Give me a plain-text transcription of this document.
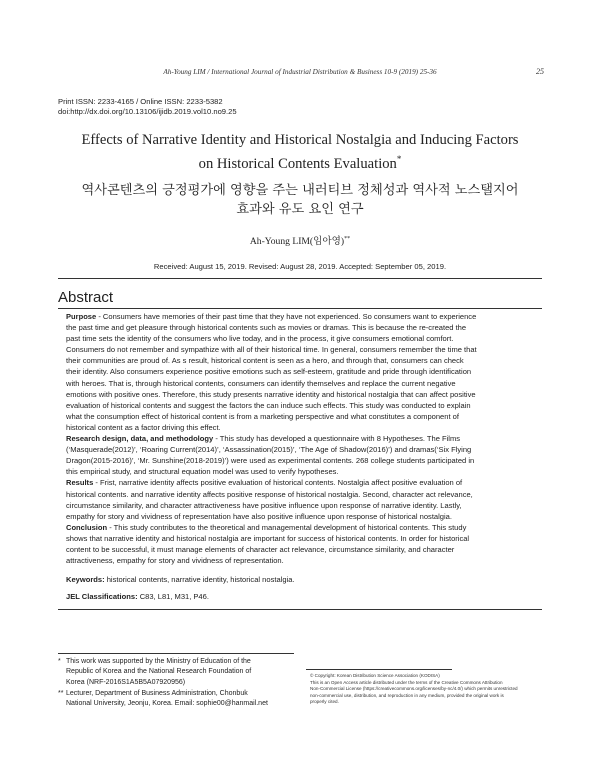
Ah-Young LIM / International Journal of Industrial Distribution & Business 10-9 (2019) 25-36	25
Print ISSN: 2233-4165 / Online ISSN: 2233-5382
doi:http://dx.doi.org/10.13106/ijidb.2019.vol10.no9.25
Effects of Narrative Identity and Historical Nostalgia and Inducing Factors
on Historical Contents Evaluation*
역사콘텐츠의 긍정평가에 영향을 주는 내러티브 정체성과 역사적 노스탤지어
효과와 유도 요인 연구
Ah-Young LIM(임아영)**
Received: August 15, 2019. Revised: August 28, 2019. Accepted: September 05, 2019.
Abstract
Purpose - Consumers have memories of their past time that they have not experienced. So consumers want to experience
the past time and get pleasure through historical contents such as movies or dramas. This is because the re-created the
past time sets the identity of the consumers who live today, and in the process, it give consumers emotional comfort.
Consumers do not remember and sympathize with all of their historical time. In general, consumers remember the time that
their communities are proud of. As s result, historical content is seen as a hero, and through that, consumers can check
their identity. Also consumers experience positive emotions such as self-esteem, gratitude and pride through identification
with heroes. That is, through historical contents, consumers can identify themselves and replace the current negative
emotions with positive ones. Therefore, this study presents narrative identity and historical nostalgia that can affect positive
evaluation of historical contents and suggest the factors the can induce such effects. This study was conducted to explain
what the consumption effect of historical content is from a marketing perspective and what constitutes a component of
historical content as a factor driving this effect.
Research design, data, and methodology - This study has developed a questionnaire with 8 Hypotheses. The Films
(‘Masquerade(2012)’, ‘Roaring Current(2014)’, ‘Assassination(2015)’, ‘The Age of Shadow(2016)’) and dramas(‘Six Flying
Dragon(2015-2016)’, ‘Mr. Sunshine(2018-2019)’) were used as experimental contents. 268 college students participated in
this empirical study, and structural equation model was used to verify hypotheses.
Results - Frist, narrative identity affects positive evaluation of historical contents. Nostalgia affect positive evaluation of
historical contents. and narrative identity affects positive response of historical nostalgia. Second, character act relevance,
circumstance similarity, and character attractiveness have positive influence upon response of narrative identity. Lastly,
empathy for story and vividness of representation have also positive influence upon response of historical nostalgia.
Conclusion - This study contributes to the theoretical and managemental development of historical contents. This study
shows that narrative identity and historical nostalgia are important for success of historical contents. In order for historical
content to be successful, it must manage elements of character act relevance, circumstance similarity, and character
attractiveness, empathy for story and vividness of representation.
Keywords: historical contents, narrative identity, historical nostalgia.
JEL Classifications: C83, L81, M31, P46.
* This work was supported by the Ministry of Education of the
Republic of Korea and the National Research Foundation of
Korea (NRF-2016S1A5B5A07920956)
** Lecturer, Department of Business Administration, Chonbuk
National University, Jeonju, Korea. Email: sophie00@hanmail.net
© Copyright: Korean Distribution Science Association (KODISA)
This is an Open Access article distributed under the terms of the Creative Commons Attribution
Non-Commercial License (https://creativecommons.org/licenses/by-nc/4.0/) which permits unrestricted
non-commercial use, distribution, and reproduction in any medium, provided the original work is
properly cited.
